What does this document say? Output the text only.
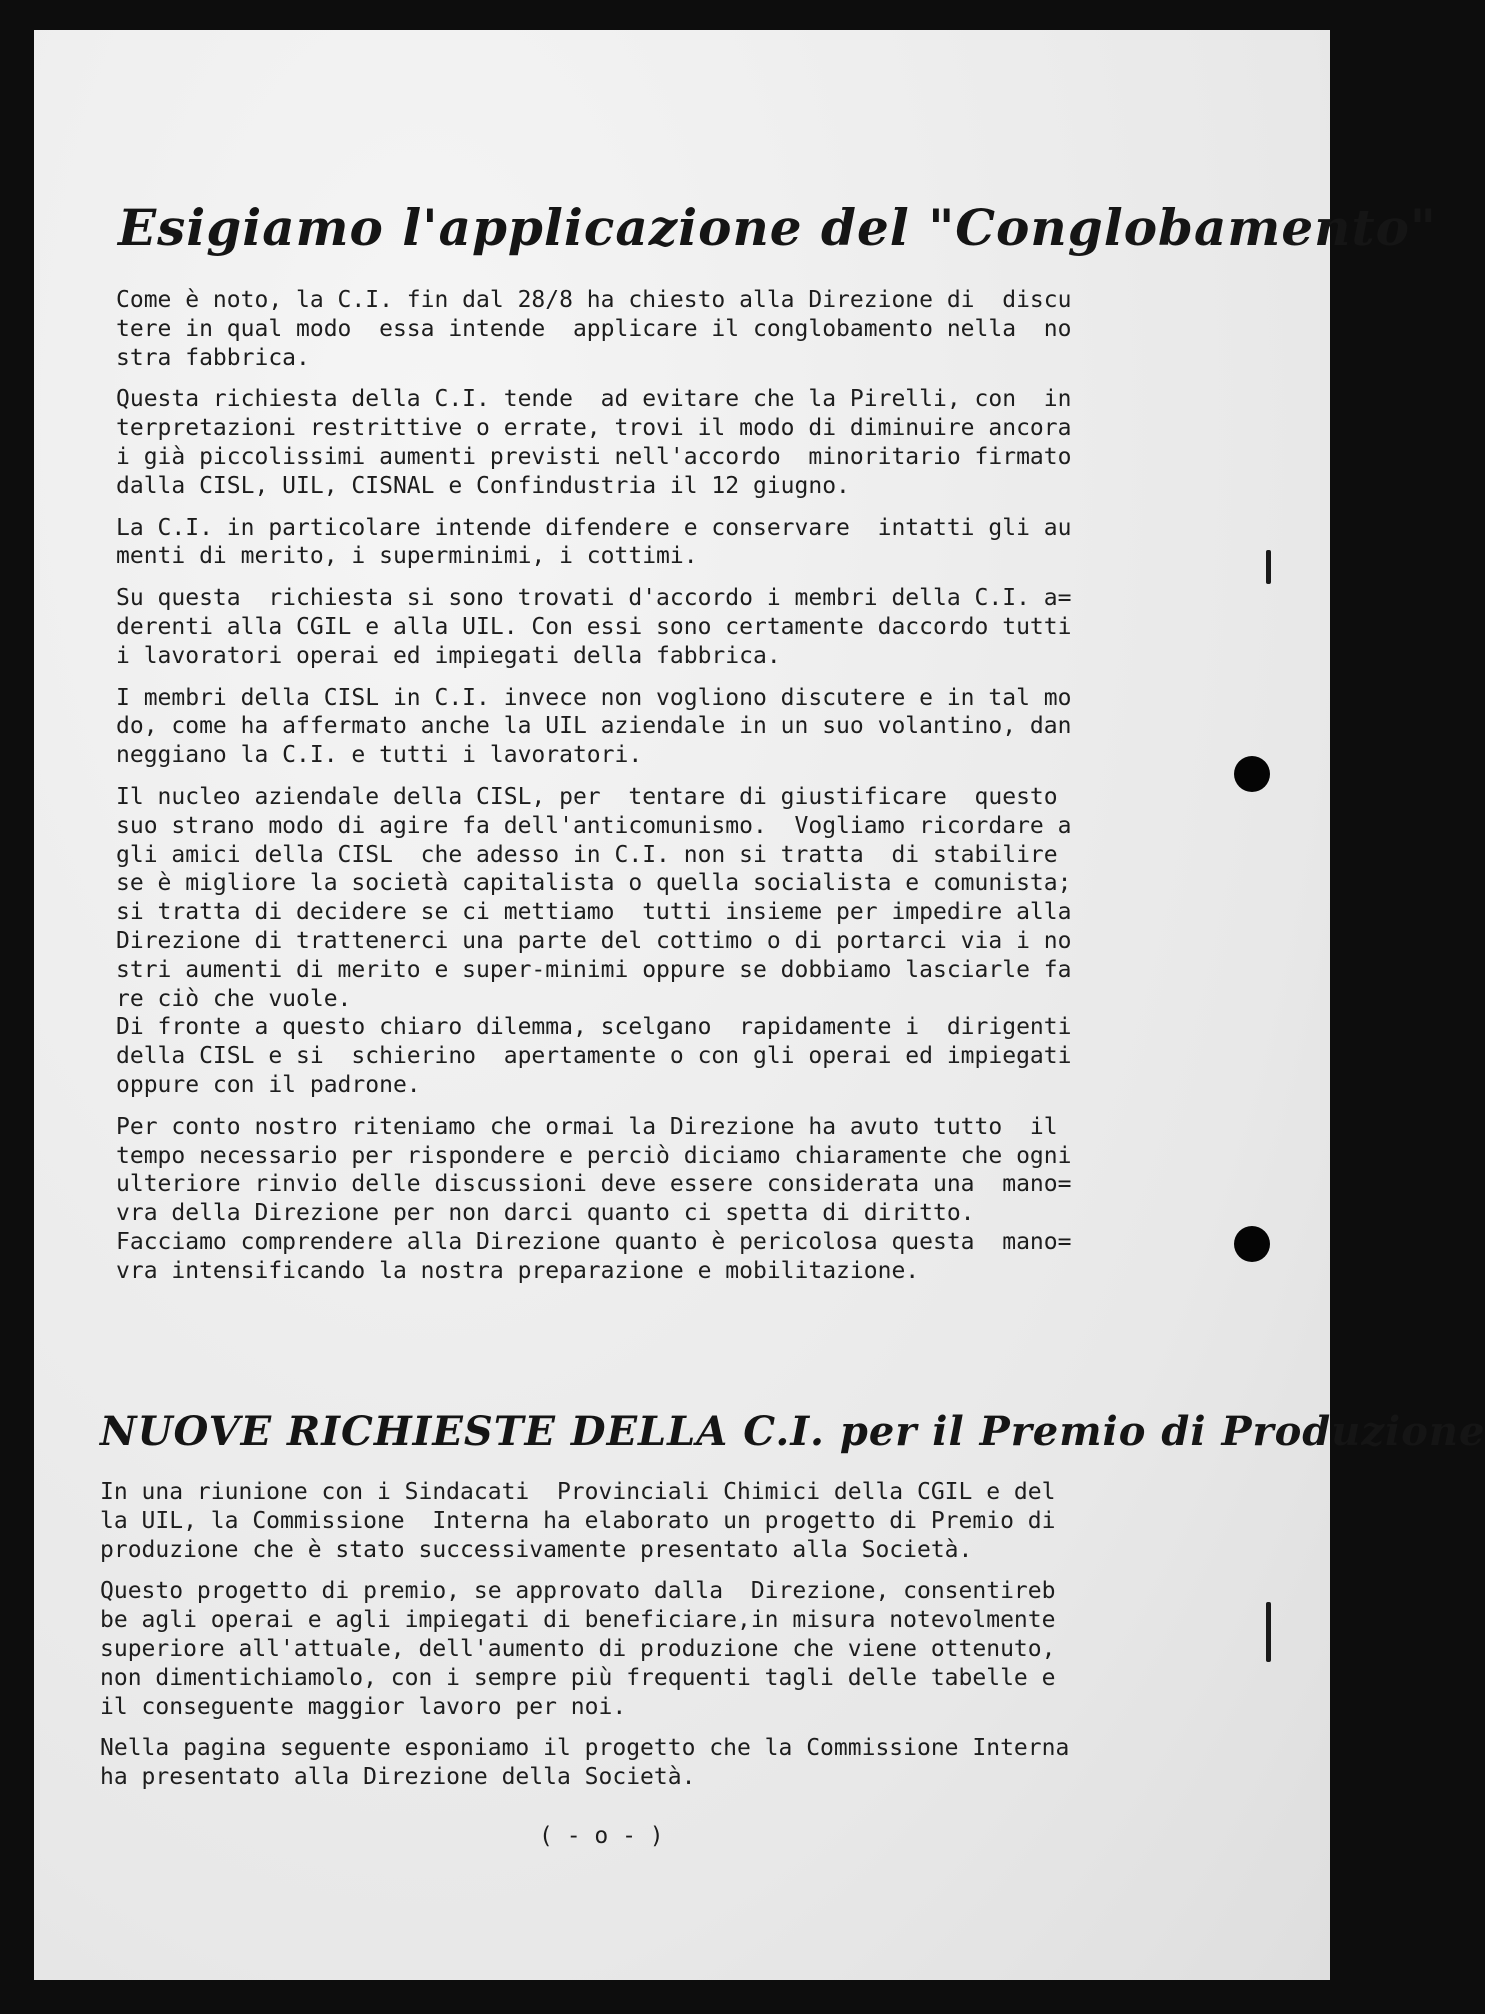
Esigiamo l'applicazione del "Conglobamento"

Come è noto, la C.I. fin dal 28/8 ha chiesto alla Direzione di  discu
tere in qual modo  essa intende  applicare il conglobamento nella  no
stra fabbrica.

Questa richiesta della C.I. tende  ad evitare che la Pirelli, con  in
terpretazioni restrittive o errate, trovi il modo di diminuire ancora
i già piccolissimi aumenti previsti nell'accordo  minoritario firmato
dalla CISL, UIL, CISNAL e Confindustria il 12 giugno.

La C.I. in particolare intende difendere e conservare  intatti gli au
menti di merito, i superminimi, i cottimi.

Su questa  richiesta si sono trovati d'accordo i membri della C.I. a=
derenti alla CGIL e alla UIL. Con essi sono certamente daccordo tutti
i lavoratori operai ed impiegati della fabbrica.

I membri della CISL in C.I. invece non vogliono discutere e in tal mo
do, come ha affermato anche la UIL aziendale in un suo volantino, dan
neggiano la C.I. e tutti i lavoratori.

Il nucleo aziendale della CISL, per  tentare di giustificare  questo
suo strano modo di agire fa dell'anticomunismo.  Vogliamo ricordare a
gli amici della CISL  che adesso in C.I. non si tratta  di stabilire
se è migliore la società capitalista o quella socialista e comunista;
si tratta di decidere se ci mettiamo  tutti insieme per impedire alla
Direzione di trattenerci una parte del cottimo o di portarci via i no
stri aumenti di merito e super-minimi oppure se dobbiamo lasciarle fa
re ciò che vuole.
Di fronte a questo chiaro dilemma, scelgano  rapidamente i  dirigenti
della CISL e si  schierino  apertamente o con gli operai ed impiegati
oppure con il padrone.

Per conto nostro riteniamo che ormai la Direzione ha avuto tutto  il
tempo necessario per rispondere e perciò diciamo chiaramente che ogni
ulteriore rinvio delle discussioni deve essere considerata una  mano=
vra della Direzione per non darci quanto ci spetta di diritto.
Facciamo comprendere alla Direzione quanto è pericolosa questa  mano=
vra intensificando la nostra preparazione e mobilitazione.

NUOVE RICHIESTE DELLA C.I. per il Premio di Produzione

In una riunione con i Sindacati  Provinciali Chimici della CGIL e del
la UIL, la Commissione  Interna ha elaborato un progetto di Premio di
produzione che è stato successivamente presentato alla Società.

Questo progetto di premio, se approvato dalla  Direzione, consentireb
be agli operai e agli impiegati di beneficiare,in misura notevolmente
superiore all'attuale, dell'aumento di produzione che viene ottenuto,
non dimentichiamolo, con i sempre più frequenti tagli delle tabelle e
il conseguente maggior lavoro per noi.

Nella pagina seguente esponiamo il progetto che la Commissione Interna
ha presentato alla Direzione della Società.

( - o - )
